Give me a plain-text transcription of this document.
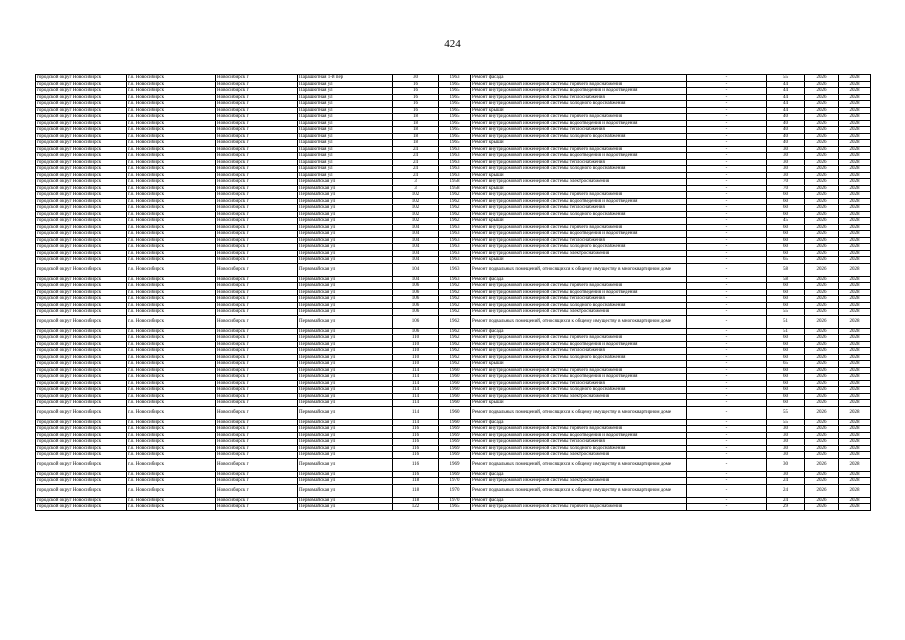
424
городской округ Новосибирск	г.о. Новосибирск	Новосибирск г	Парашютная 1-й пер	30	1963	Ремонт фасада	-	55	2026	2028
городской округ Новосибирск	г.о. Новосибирск	Новосибирск г	Парашютная ул	16	1965	Ремонт внутридомовой инженерной системы горячего водоснабжения	-	44	2026	2028
городской округ Новосибирск	г.о. Новосибирск	Новосибирск г	Парашютная ул	16	1965	Ремонт внутридомовой инженерной системы водоотведения и водоотведения	-	44	2026	2028
городской округ Новосибирск	г.о. Новосибирск	Новосибирск г	Парашютная ул	16	1965	Ремонт внутридомовой инженерной системы теплоснабжения	-	44	2026	2028
городской округ Новосибирск	г.о. Новосибирск	Новосибирск г	Парашютная ул	16	1965	Ремонт внутридомовой инженерной системы холодного водоснабжения	-	44	2026	2028
городской округ Новосибирск	г.о. Новосибирск	Новосибирск г	Парашютная ул	16	1965	Ремонт крыши	-	44	2026	2028
городской округ Новосибирск	г.о. Новосибирск	Новосибирск г	Парашютная ул	18	1965	Ремонт внутридомовой инженерной системы горячего водоснабжения	-	40	2026	2028
городской округ Новосибирск	г.о. Новосибирск	Новосибирск г	Парашютная ул	18	1965	Ремонт внутридомовой инженерной системы водоотведения и водоотведения	-	40	2026	2028
городской округ Новосибирск	г.о. Новосибирск	Новосибирск г	Парашютная ул	18	1965	Ремонт внутридомовой инженерной системы теплоснабжения	-	40	2026	2028
городской округ Новосибирск	г.о. Новосибирск	Новосибирск г	Парашютная ул	18	1965	Ремонт внутридомовой инженерной системы холодного водоснабжения	-	40	2026	2028
городской округ Новосибирск	г.о. Новосибирск	Новосибирск г	Парашютная ул	18	1965	Ремонт крыши	-	40	2026	2028
городской округ Новосибирск	г.о. Новосибирск	Новосибирск г	Парашютная ул	24	1963	Ремонт внутридомовой инженерной системы горячего водоснабжения	-	30	2026	2028
городской округ Новосибирск	г.о. Новосибирск	Новосибирск г	Парашютная ул	24	1963	Ремонт внутридомовой инженерной системы водоотведения и водоотведения	-	30	2026	2028
городской округ Новосибирск	г.о. Новосибирск	Новосибирск г	Парашютная ул	24	1963	Ремонт внутридомовой инженерной системы теплоснабжения	-	30	2026	2028
городской округ Новосибирск	г.о. Новосибирск	Новосибирск г	Парашютная ул	24	1963	Ремонт внутридомовой инженерной системы холодного водоснабжения	-	30	2026	2028
городской округ Новосибирск	г.о. Новосибирск	Новосибирск г	Парашютная ул	24	1963	Ремонт крыши	-	30	2026	2028
городской округ Новосибирск	г.о. Новосибирск	Новосибирск г	Первомайская ул	3	1958	Ремонт внутридомовой инженерной системы электроснабжения	-	70	2026	2028
городской округ Новосибирск	г.о. Новосибирск	Новосибирск г	Первомайская ул	3	1958	Ремонт крыши	-	70	2026	2028
городской округ Новосибирск	г.о. Новосибирск	Новосибирск г	Первомайская ул	102	1962	Ремонт внутридомовой инженерной системы горячего водоснабжения	-	60	2026	2028
городской округ Новосибирск	г.о. Новосибирск	Новосибирск г	Первомайская ул	102	1962	Ремонт внутридомовой инженерной системы водоотведения и водоотведения	-	60	2026	2028
городской округ Новосибирск	г.о. Новосибирск	Новосибирск г	Первомайская ул	102	1962	Ремонт внутридомовой инженерной системы теплоснабжения	-	60	2026	2028
городской округ Новосибирск	г.о. Новосибирск	Новосибирск г	Первомайская ул	102	1962	Ремонт внутридомовой инженерной системы холодного водоснабжения	-	60	2026	2028
городской округ Новосибирск	г.о. Новосибирск	Новосибирск г	Первомайская ул	102	1962	Ремонт крыши	-	45	2026	2028
городской округ Новосибирск	г.о. Новосибирск	Новосибирск г	Первомайская ул	104	1963	Ремонт внутридомовой инженерной системы горячего водоснабжения	-	60	2026	2028
городской округ Новосибирск	г.о. Новосибирск	Новосибирск г	Первомайская ул	104	1963	Ремонт внутридомовой инженерной системы водоотведения и водоотведения	-	60	2026	2028
городской округ Новосибирск	г.о. Новосибирск	Новосибирск г	Первомайская ул	104	1963	Ремонт внутридомовой инженерной системы теплоснабжения	-	60	2026	2028
городской округ Новосибирск	г.о. Новосибирск	Новосибирск г	Первомайская ул	104	1963	Ремонт внутридомовой инженерной системы холодного водоснабжения	-	60	2026	2028
городской округ Новосибирск	г.о. Новосибирск	Новосибирск г	Первомайская ул	104	1963	Ремонт внутридомовой инженерной системы электроснабжения	-	60	2026	2028
городской округ Новосибирск	г.о. Новосибирск	Новосибирск г	Первомайская ул	104	1963	Ремонт крыши	-	65	2026	2028
городской округ Новосибирск	г.о. Новосибирск	Новосибирск г	Первомайская ул	104	1963	Ремонт подвальных помещений, относящихся к общему имуществу в многоквартирном доме	-	58	2026	2028
городской округ Новосибирск	г.о. Новосибирск	Новосибирск г	Первомайская ул	104	1963	Ремонт фасада	-	58	2026	2028
городской округ Новосибирск	г.о. Новосибирск	Новосибирск г	Первомайская ул	106	1962	Ремонт внутридомовой инженерной системы горячего водоснабжения	-	60	2026	2028
городской округ Новосибирск	г.о. Новосибирск	Новосибирск г	Первомайская ул	106	1962	Ремонт внутридомовой инженерной системы водоотведения и водоотведения	-	60	2026	2028
городской округ Новосибирск	г.о. Новосибирск	Новосибирск г	Первомайская ул	106	1962	Ремонт внутридомовой инженерной системы теплоснабжения	-	60	2026	2028
городской округ Новосибирск	г.о. Новосибирск	Новосибирск г	Первомайская ул	106	1962	Ремонт внутридомовой инженерной системы холодного водоснабжения	-	60	2026	2028
городской округ Новосибирск	г.о. Новосибирск	Новосибирск г	Первомайская ул	106	1962	Ремонт внутридомовой инженерной системы электроснабжения	-	55	2026	2028
городской округ Новосибирск	г.о. Новосибирск	Новосибирск г	Первомайская ул	106	1962	Ремонт подвальных помещений, относящихся к общему имуществу в многоквартирном доме	-	51	2026	2028
городской округ Новосибирск	г.о. Новосибирск	Новосибирск г	Первомайская ул	106	1962	Ремонт фасада	-	51	2026	2028
городской округ Новосибирск	г.о. Новосибирск	Новосибирск г	Первомайская ул	110	1962	Ремонт внутридомовой инженерной системы горячего водоснабжения	-	60	2026	2028
городской округ Новосибирск	г.о. Новосибирск	Новосибирск г	Первомайская ул	110	1962	Ремонт внутридомовой инженерной системы водоотведения и водоотведения	-	60	2026	2028
городской округ Новосибирск	г.о. Новосибирск	Новосибирск г	Первомайская ул	110	1962	Ремонт внутридомовой инженерной системы теплоснабжения	-	60	2026	2028
городской округ Новосибирск	г.о. Новосибирск	Новосибирск г	Первомайская ул	110	1962	Ремонт внутридомовой инженерной системы холодного водоснабжения	-	60	2026	2028
городской округ Новосибирск	г.о. Новосибирск	Новосибирск г	Первомайская ул	110	1962	Ремонт крыши	-	65	2026	2028
городской округ Новосибирск	г.о. Новосибирск	Новосибирск г	Первомайская ул	114	1960	Ремонт внутридомовой инженерной системы горячего водоснабжения	-	60	2026	2028
городской округ Новосибирск	г.о. Новосибирск	Новосибирск г	Первомайская ул	114	1960	Ремонт внутридомовой инженерной системы водоотведения и водоотведения	-	60	2026	2028
городской округ Новосибирск	г.о. Новосибирск	Новосибирск г	Первомайская ул	114	1960	Ремонт внутридомовой инженерной системы теплоснабжения	-	60	2026	2028
городской округ Новосибирск	г.о. Новосибирск	Новосибирск г	Первомайская ул	114	1960	Ремонт внутридомовой инженерной системы холодного водоснабжения	-	60	2026	2028
городской округ Новосибирск	г.о. Новосибирск	Новосибирск г	Первомайская ул	114	1960	Ремонт внутридомовой инженерной системы электроснабжения	-	60	2026	2028
городской округ Новосибирск	г.о. Новосибирск	Новосибирск г	Первомайская ул	114	1960	Ремонт крыши	-	60	2026	2028
городской округ Новосибирск	г.о. Новосибирск	Новосибирск г	Первомайская ул	114	1960	Ремонт подвальных помещений, относящихся к общему имуществу в многоквартирном доме	-	55	2026	2028
городской округ Новосибирск	г.о. Новосибирск	Новосибирск г	Первомайская ул	114	1960	Ремонт фасада	-	55	2026	2028
городской округ Новосибирск	г.о. Новосибирск	Новосибирск г	Первомайская ул	116	1969	Ремонт внутридомовой инженерной системы горячего водоснабжения	-	30	2026	2028
городской округ Новосибирск	г.о. Новосибирск	Новосибирск г	Первомайская ул	116	1969	Ремонт внутридомовой инженерной системы водоотведения и водоотведения	-	30	2026	2028
городской округ Новосибирск	г.о. Новосибирск	Новосибирск г	Первомайская ул	116	1969	Ремонт внутридомовой инженерной системы теплоснабжения	-	30	2026	2028
городской округ Новосибирск	г.о. Новосибирск	Новосибирск г	Первомайская ул	116	1969	Ремонт внутридомовой инженерной системы холодного водоснабжения	-	30	2026	2028
городской округ Новосибирск	г.о. Новосибирск	Новосибирск г	Первомайская ул	116	1969	Ремонт внутридомовой инженерной системы электроснабжения	-	30	2026	2028
городской округ Новосибирск	г.о. Новосибирск	Новосибирск г	Первомайская ул	116	1969	Ремонт подвальных помещений, относящихся к общему имуществу в многоквартирном доме	-	30	2026	2028
городской округ Новосибирск	г.о. Новосибирск	Новосибирск г	Первомайская ул	116	1969	Ремонт фасада	-	30	2026	2028
городской округ Новосибирск	г.о. Новосибирск	Новосибирск г	Первомайская ул	118	1970	Ремонт внутридомовой инженерной системы электроснабжения	-	24	2026	2028
городской округ Новосибирск	г.о. Новосибирск	Новосибирск г	Первомайская ул	118	1970	Ремонт подвальных помещений, относящихся к общему имуществу в многоквартирном доме	-	24	2026	2028
городской округ Новосибирск	г.о. Новосибирск	Новосибирск г	Первомайская ул	118	1970	Ремонт фасада	-	24	2026	2028
городской округ Новосибирск	г.о. Новосибирск	Новосибирск г	Первомайская ул	122	1965	Ремонт внутридомовой инженерной системы горячего водоснабжения	-	29	2026	2028
